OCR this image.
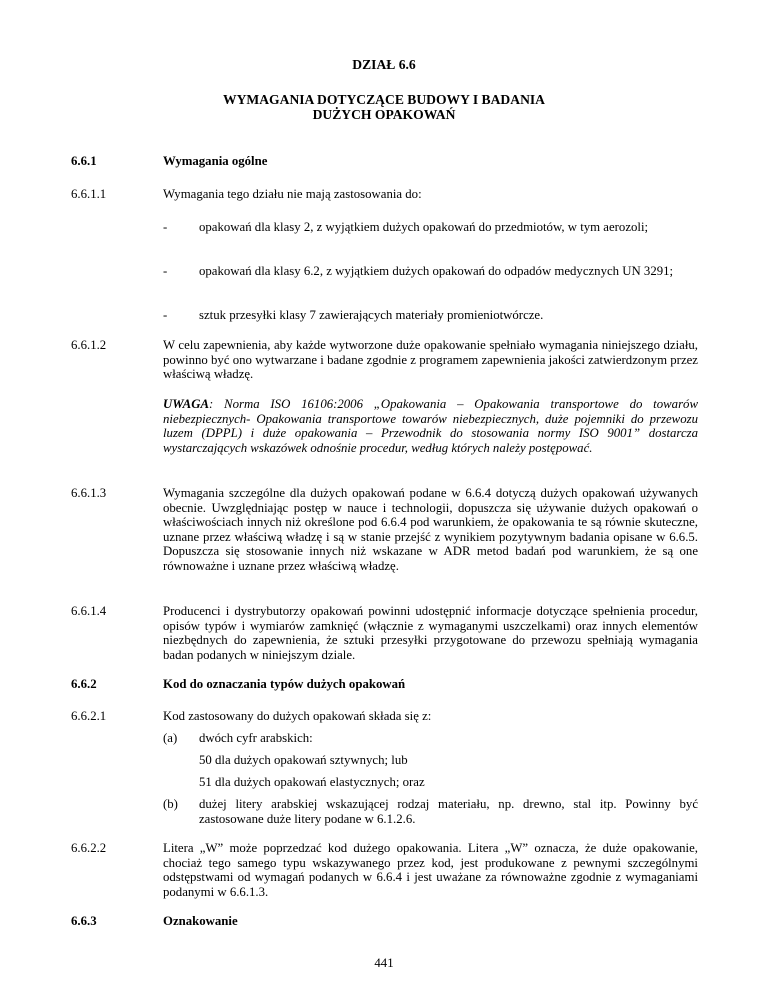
DZIAŁ 6.6
WYMAGANIA DOTYCZĄCE BUDOWY I BADANIA
DUŻYCH OPAKOWAŃ
6.6.1	Wymagania ogólne
6.6.1.1	Wymagania tego działu nie mają zastosowania do:
- opakowań dla klasy 2, z wyjątkiem dużych opakowań do przedmiotów, w tym aerozoli;
- opakowań dla klasy 6.2, z wyjątkiem dużych opakowań do odpadów medycznych UN 3291;
- sztuk przesyłki klasy 7 zawierających materiały promieniotwórcze.
6.6.1.2	W celu zapewnienia, aby każde wytworzone duże opakowanie spełniało wymagania niniejszego działu, powinno być ono wytwarzane i badane zgodnie z programem zapewnienia jakości zatwierdzonym przez właściwą władzę.
UWAGA: Norma ISO 16106:2006 „Opakowania – Opakowania transportowe do towarów niebezpiecznych- Opakowania transportowe towarów niebezpiecznych, duże pojemniki do przewozu luzem (DPPL) i duże opakowania – Przewodnik do stosowania normy ISO 9001” dostarcza wystarczających wskazówek odnośnie procedur, według których należy postępować.
6.6.1.3	Wymagania szczególne dla dużych opakowań podane w 6.6.4 dotyczą dużych opakowań używanych obecnie. Uwzględniając postęp w nauce i technologii, dopuszcza się używanie dużych opakowań o właściwościach innych niż określone pod 6.6.4 pod warunkiem, że opakowania te są równie skuteczne, uznane przez właściwą władzę i są w stanie przejść z wynikiem pozytywnym badania opisane w 6.6.5. Dopuszcza się stosowanie innych niż wskazane w ADR metod badań pod warunkiem, że są one równoważne i uznane przez właściwą władzę.
6.6.1.4	Producenci i dystrybutorzy opakowań powinni udostępnić informacje dotyczące spełnienia procedur, opisów typów i wymiarów zamknięć (włącznie z wymaganymi uszczelkami) oraz innych elementów niezbędnych do zapewnienia, że sztuki przesyłki przygotowane do przewozu spełniają wymagania badan podanych w niniejszym dziale.
6.6.2	Kod do oznaczania typów dużych opakowań
6.6.2.1	Kod zastosowany do dużych opakowań składa się z:
(a) dwóch cyfr arabskich:
50 dla dużych opakowań sztywnych; lub
51 dla dużych opakowań elastycznych; oraz
(b) dużej litery arabskiej wskazującej rodzaj materiału, np. drewno, stal itp. Powinny być zastosowane duże litery podane w 6.1.2.6.
6.6.2.2	Litera „W” może poprzedzać kod dużego opakowania. Litera „W” oznacza, że duże opakowanie, chociaż tego samego typu wskazywanego przez kod, jest produkowane z pewnymi szczególnymi odstępstwami od wymagań podanych w 6.6.4 i jest uważane za równoważne zgodnie z wymaganiami podanymi w 6.6.1.3.
6.6.3	Oznakowanie
441
